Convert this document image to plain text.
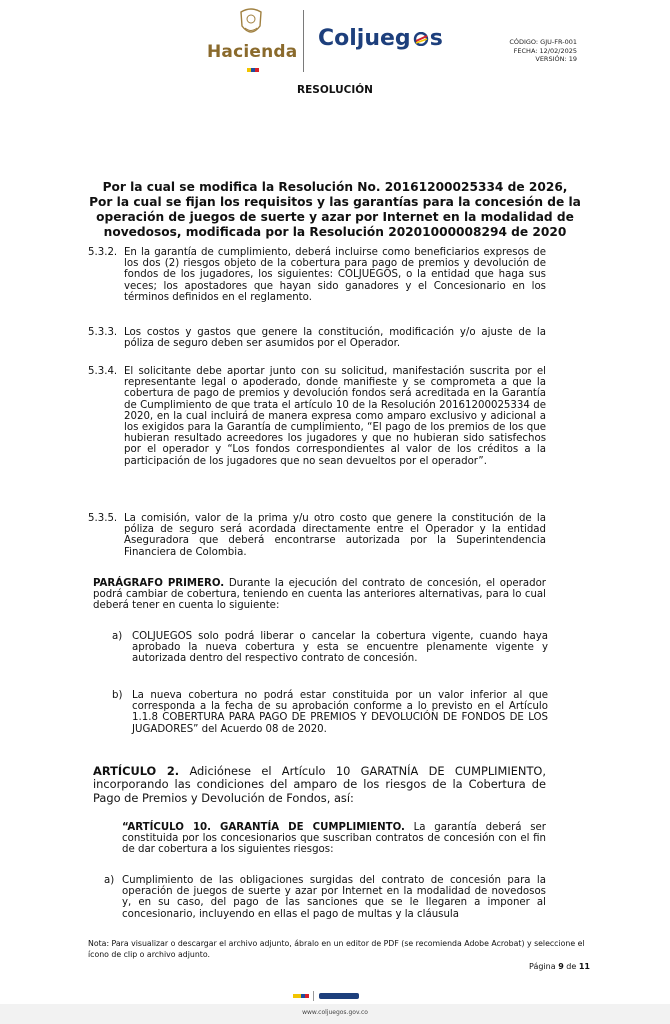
Hacienda
Coljueg s	CÓDIGO: GJU-FR-001
FECHA: 12/02/2025
VERSIÓN: 19
RESOLUCIÓN
Por la cual se modifica la Resolución No. 20161200025334 de 2026,
Por la cual se fijan los requisitos y las garantías para la concesión de la
operación de juegos de suerte y azar por Internet en la modalidad de
novedosos, modificada por la Resolución 20201000008294 de 2020
5.3.2. En la garantía de cumplimiento, deberá incluirse como beneficiarios expresos de los dos (2) riesgos objeto de la cobertura para pago de premios y devolución de fondos de los jugadores, los siguientes: COLJUEGOS, o la entidad que haga sus veces; los apostadores que hayan sido ganadores y el Concesionario en los términos definidos en el reglamento.
5.3.3. Los costos y gastos que genere la constitución, modificación y/o ajuste de la póliza de seguro deben ser asumidos por el Operador.
5.3.4. El solicitante debe aportar junto con su solicitud, manifestación suscrita por el representante legal o apoderado, donde manifieste y se comprometa a que la cobertura de pago de premios y devolución fondos será acreditada en la Garantía de Cumplimiento de que trata el artículo 10 de la Resolución 20161200025334 de 2020, en la cual incluirá de manera expresa como amparo exclusivo y adicional a los exigidos para la Garantía de cumplimiento, “El pago de los premios de los que hubieran resultado acreedores los jugadores y que no hubieran sido satisfechos por el operador y “Los fondos correspondientes al valor de los créditos a la participación de los jugadores que no sean devueltos por el operador”.
5.3.5. La comisión, valor de la prima y/u otro costo que genere la constitución de la póliza de seguro será acordada directamente entre el Operador y la entidad Aseguradora que deberá encontrarse autorizada por la Superintendencia Financiera de Colombia.
PARÁGRAFO PRIMERO. Durante la ejecución del contrato de concesión, el operador podrá cambiar de cobertura, teniendo en cuenta las anteriores alternativas, para lo cual deberá tener en cuenta lo siguiente:
a) COLJUEGOS solo podrá liberar o cancelar la cobertura vigente, cuando haya aprobado la nueva cobertura y esta se encuentre plenamente vigente y autorizada dentro del respectivo contrato de concesión.
b) La nueva cobertura no podrá estar constituida por un valor inferior al que corresponda a la fecha de su aprobación conforme a lo previsto en el Artículo 1.1.8 COBERTURA PARA PAGO DE PREMIOS Y DEVOLUCIÓN DE FONDOS DE LOS JUGADORES” del Acuerdo 08 de 2020.
ARTÍCULO 2. Adiciónese el Artículo 10 GARATNÍA DE CUMPLIMIENTO, incorporando las condiciones del amparo de los riesgos de la Cobertura de Pago de Premios y Devolución de Fondos, así:
“ARTÍCULO 10. GARANTÍA DE CUMPLIMIENTO. La garantía deberá ser constituida por los concesionarios que suscriban contratos de concesión con el fin de dar cobertura a los siguientes riesgos:
a) Cumplimiento de las obligaciones surgidas del contrato de concesión para la operación de juegos de suerte y azar por Internet en la modalidad de novedosos y, en su caso, del pago de las sanciones que se le llegaren a imponer al concesionario, incluyendo en ellas el pago de multas y la cláusula
Nota: Para visualizar o descargar el archivo adjunto, ábralo en un editor de PDF (se recomienda Adobe Acrobat) y seleccione el ícono de clip o archivo adjunto.
Página 9 de 11
www.coljuegos.gov.co
